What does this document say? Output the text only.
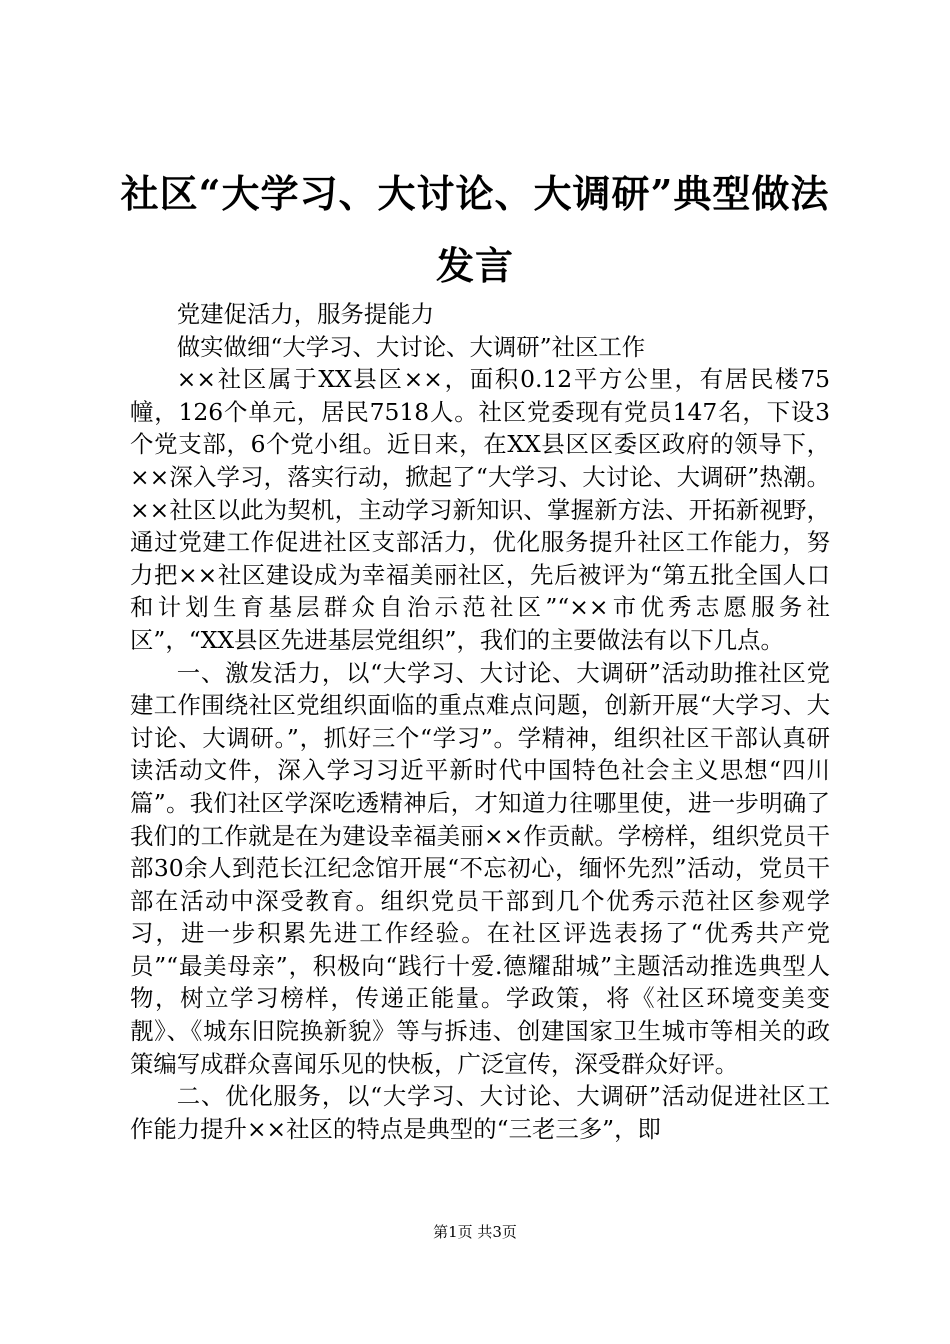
社区“大学习、大讨论、大调研”典型做法发言

党建促活力，服务提能力

做实做细“大学习、大讨论、大调研”社区工作

××社区属于XX县区××，面积0.12平方公里，有居民楼75幢，126个单元，居民7518人。社区党委现有党员147名，下设3个党支部，6个党小组。近日来，在XX县区区委区政府的领导下，××深入学习，落实行动，掀起了“大学习、大讨论、大调研”热潮。××社区以此为契机，主动学习新知识、掌握新方法、开拓新视野，通过党建工作促进社区支部活力，优化服务提升社区工作能力，努力把××社区建设成为幸福美丽社区，先后被评为“第五批全国人口和计划生育基层群众自治示范社区”“××市优秀志愿服务社区”，“XX县区先进基层党组织”，我们的主要做法有以下几点。

一、激发活力，以“大学习、大讨论、大调研”活动助推社区党建工作围绕社区党组织面临的重点难点问题，创新开展“大学习、大讨论、大调研。”，抓好三个“学习”。学精神，组织社区干部认真研读活动文件，深入学习习近平新时代中国特色社会主义思想“四川篇”。我们社区学深吃透精神后，才知道力往哪里使，进一步明确了我们的工作就是在为建设幸福美丽××作贡献。学榜样，组织党员干部30余人到范长江纪念馆开展“不忘初心，缅怀先烈”活动，党员干部在活动中深受教育。组织党员干部到几个优秀示范社区参观学习，进一步积累先进工作经验。在社区评选表扬了“优秀共产党员”“最美母亲”，积极向“践行十爱.德耀甜城”主题活动推选典型人物，树立学习榜样，传递正能量。学政策，将《社区环境变美变靓》、《城东旧院换新貌》等与拆违、创建国家卫生城市等相关的政策编写成群众喜闻乐见的快板，广泛宣传，深受群众好评。

二、优化服务，以“大学习、大讨论、大调研”活动促进社区工作能力提升××社区的特点是典型的“三老三多”，即

第1页 共3页
